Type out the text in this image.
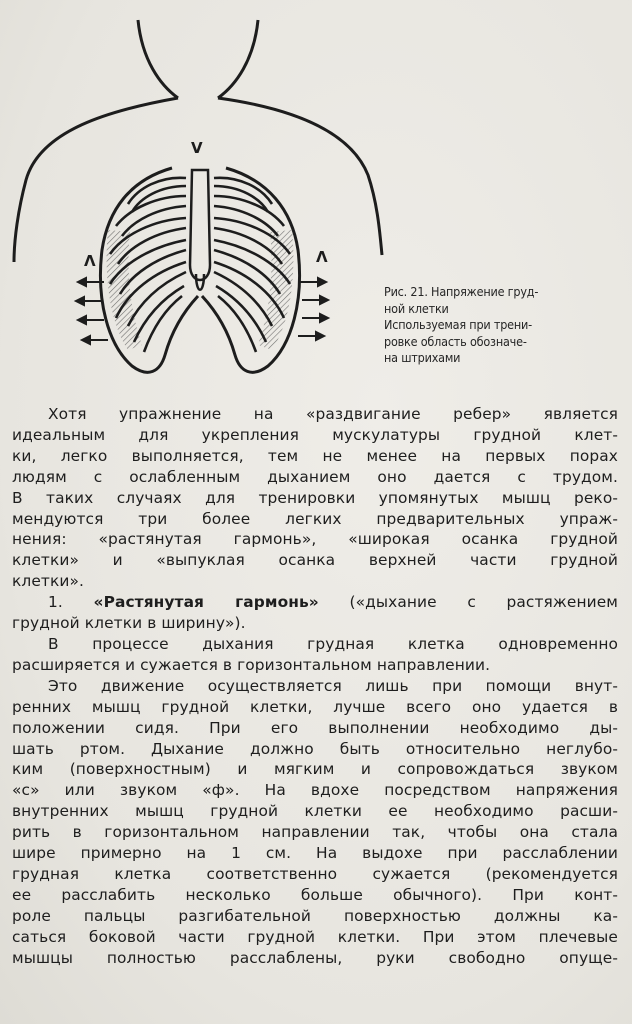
V
Λ	Λ
Рис. 21. Напряжение груд-
ной клетки
Используемая при трени-
ровке область обозначе-
на штрихами
Хотя упражнение на «раздвигание ребер» является
идеальным для укрепления мускулатуры грудной клет-
ки, легко выполняется, тем не менее на первых порах
людям с ослабленным дыханием оно дается с трудом.
В таких случаях для тренировки упомянутых мышц реко-
мендуются три более легких предварительных упраж-
нения: «растянутая гармонь», «широкая осанка грудной
клетки» и «выпуклая осанка верхней части грудной
клетки».
1. «Растянутая гармонь» («дыхание с растяжением
грудной клетки в ширину»).
В процессе дыхания грудная клетка одновременно
расширяется и сужается в горизонтальном направлении.
Это движение осуществляется лишь при помощи внут-
ренних мышц грудной клетки, лучше всего оно удается в
положении сидя. При его выполнении необходимо ды-
шать ртом. Дыхание должно быть относительно неглубо-
ким (поверхностным) и мягким и сопровождаться звуком
«с» или звуком «ф». На вдохе посредством напряжения
внутренних мышц грудной клетки ее необходимо расши-
рить в горизонтальном направлении так, чтобы она стала
шире примерно на 1 см. На выдохе при расслаблении
грудная клетка соответственно сужается (рекомендуется
ее расслабить несколько больше обычного). При конт-
роле пальцы разгибательной поверхностью должны ка-
саться боковой части грудной клетки. При этом плечевые
мышцы полностью расслаблены, руки свободно опуще-
